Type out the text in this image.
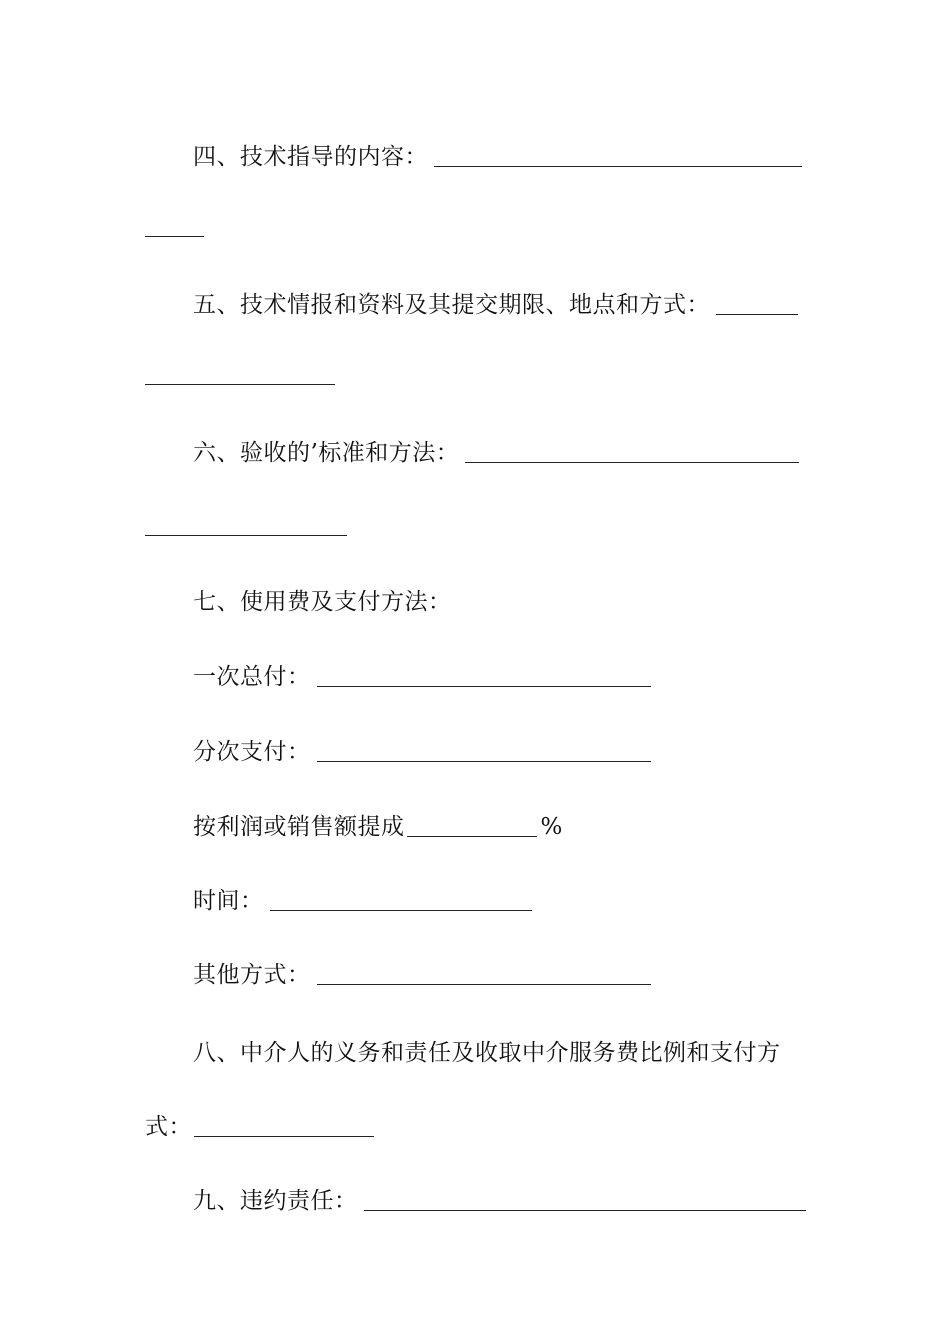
四、技术指导的内容：
五、技术情报和资料及其提交期限、地点和方式：
六、验收的’标准和方法：
七、使用费及支付方法：
一次总付：
分次支付：
按利润或销售额提成	%
时间：
其他方式：
八、中介人的义务和责任及收取中介服务费比例和支付方
式：
九、违约责任：
